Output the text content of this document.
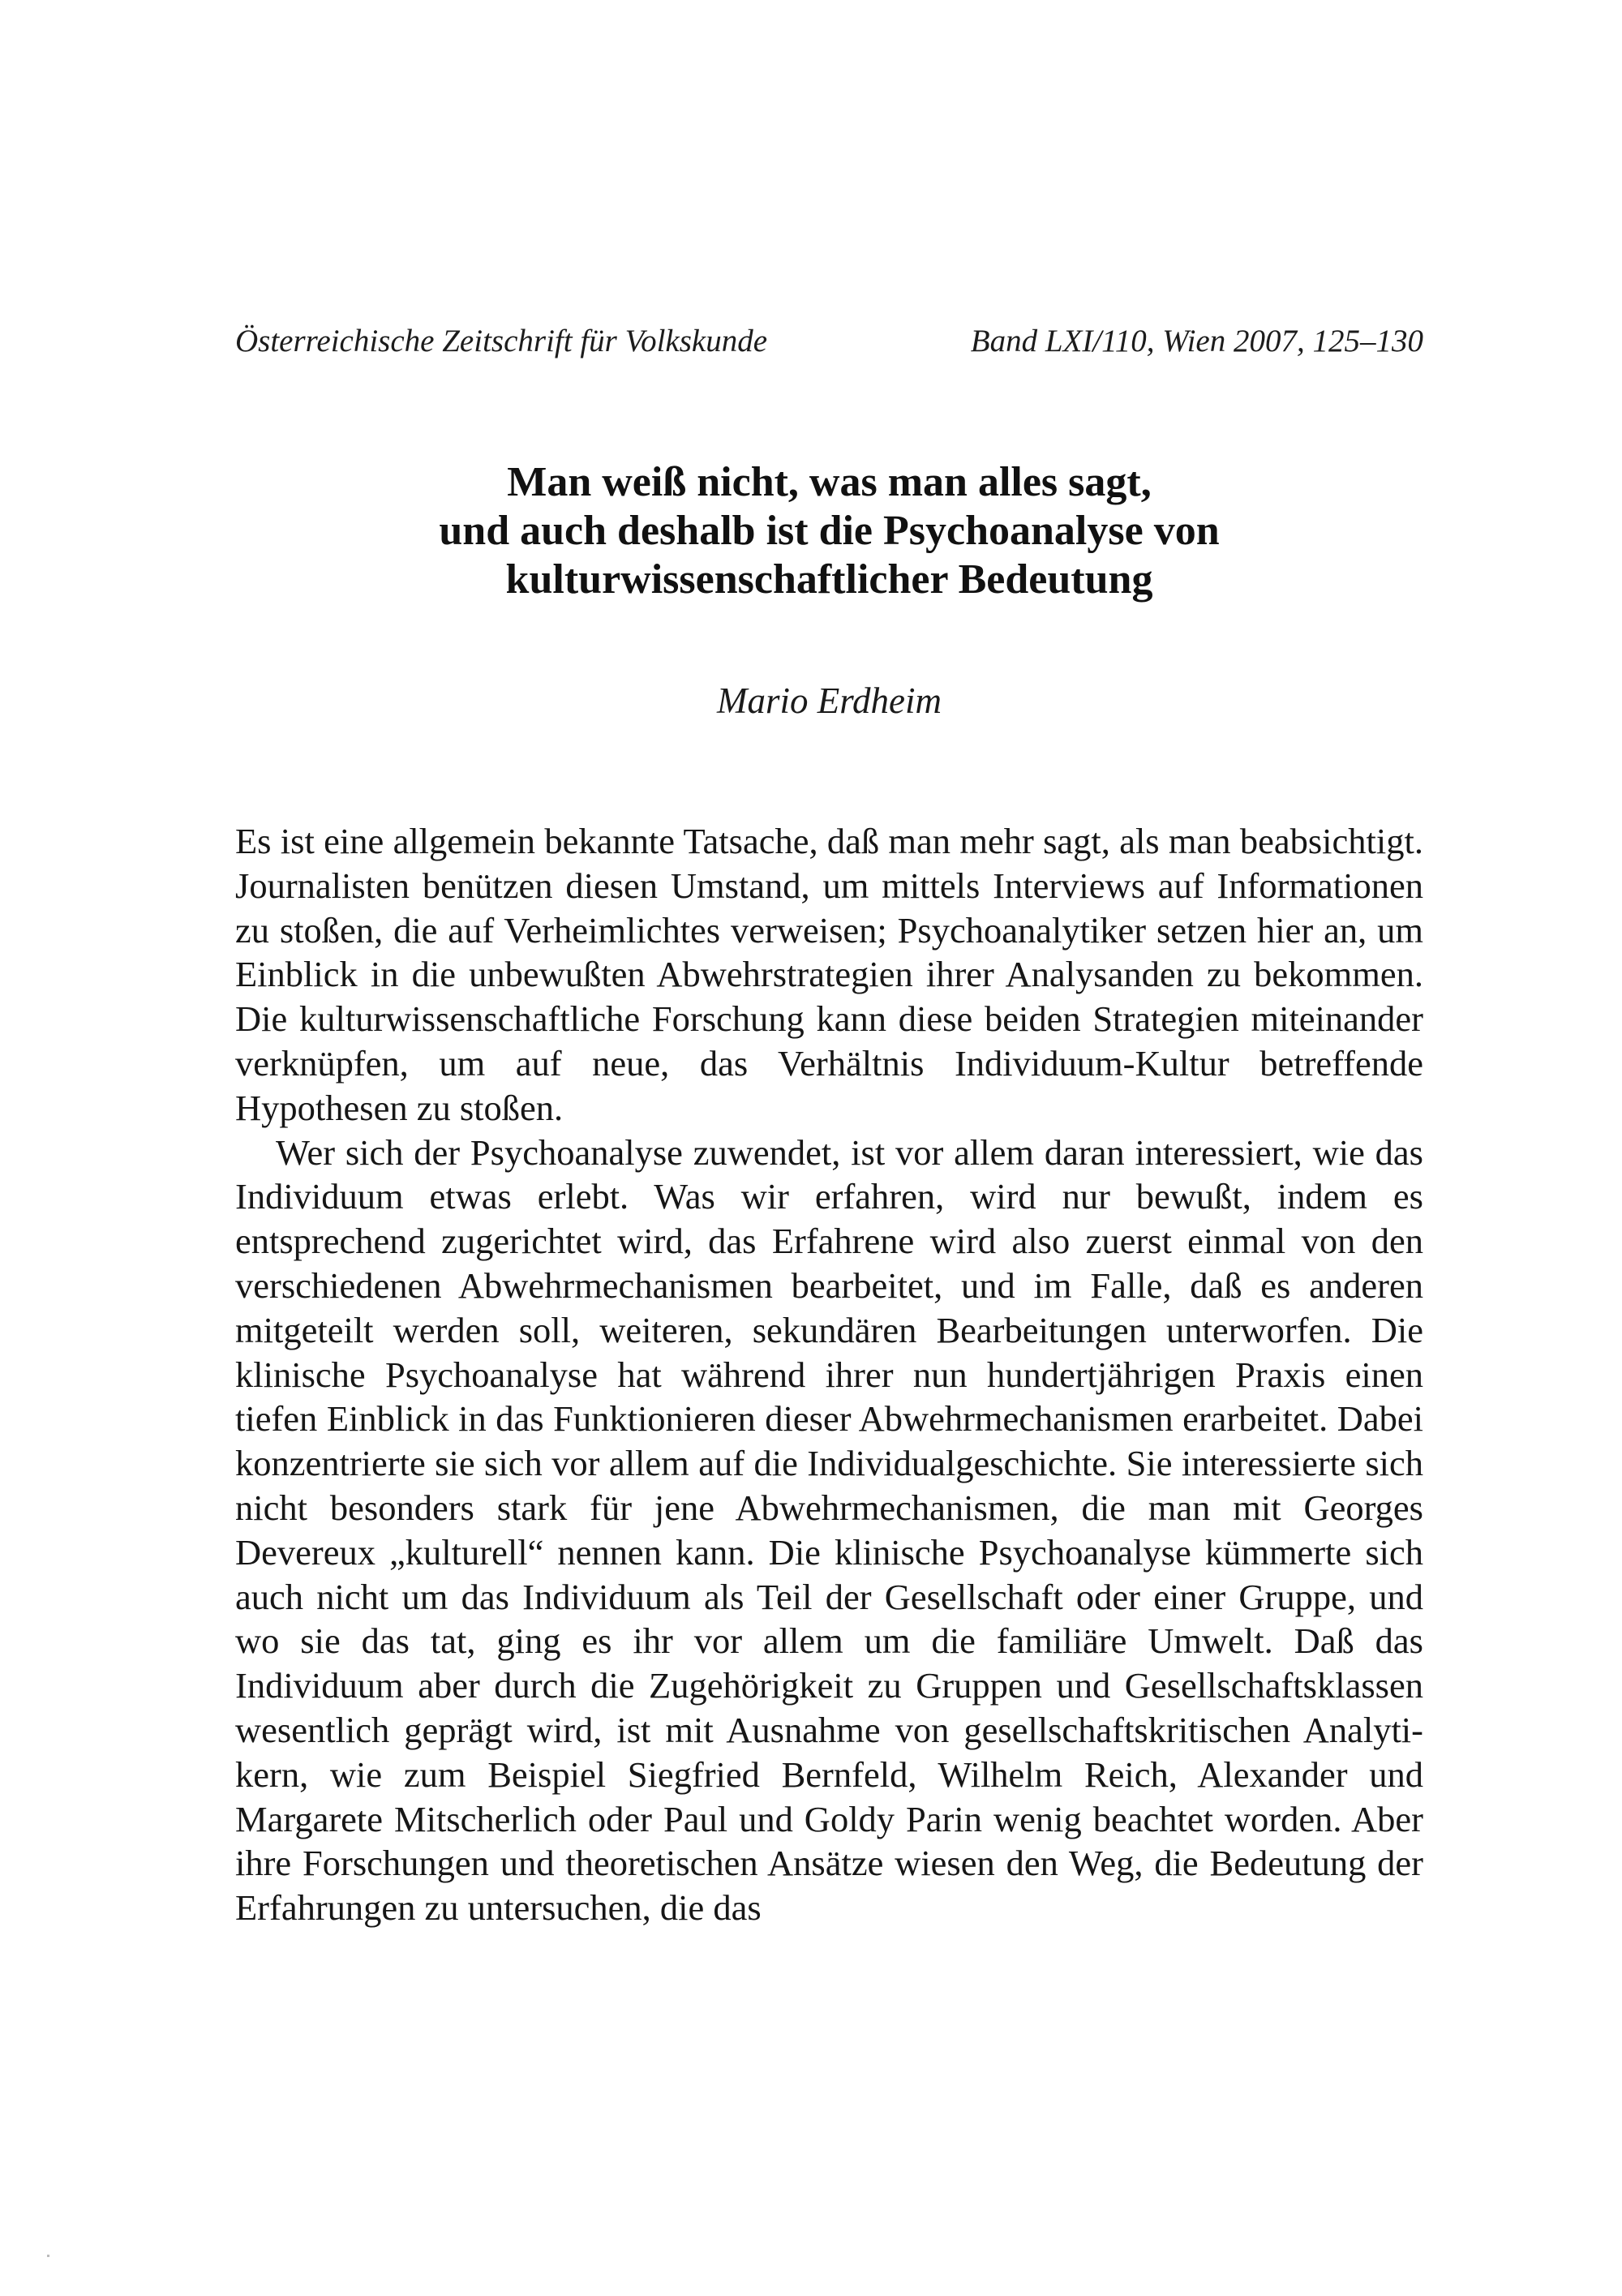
Österreichische Zeitschrift für Volkskunde	Band LXI/110, Wien 2007, 125–130
Man weiß nicht, was man alles sagt,
und auch deshalb ist die Psychoanalyse von
kulturwissenschaftlicher Bedeutung
Mario Erdheim

Es ist eine allgemein bekannte Tatsache, daß man mehr sagt, als man beabsichtigt. Journalisten benützen diesen Umstand, um mittels Interviews auf Informationen zu stoßen, die auf Verheimlichtes verweisen; Psychoanalytiker setzen hier an, um Einblick in die unbewußten Abwehrstrategien ihrer Analysanden zu bekommen. Die kulturwissenschaftliche Forschung kann diese beiden Strategien miteinander verknüpfen, um auf neue, das Verhältnis Individuum-Kultur betreffende Hypothesen zu stoßen.

Wer sich der Psychoanalyse zuwendet, ist vor allem daran interessiert, wie das Individuum etwas erlebt. Was wir erfahren, wird nur bewußt, indem es entsprechend zugerichtet wird, das Erfahrene wird also zuerst einmal von den verschiedenen Abwehrmechanismen bearbeitet, und im Falle, daß es anderen mitgeteilt werden soll, weiteren, sekundären Bearbeitungen unterworfen. Die klinische Psychoanalyse hat während ihrer nun hundertjährigen Praxis einen tiefen Einblick in das Funktionieren dieser Abwehrmechanismen erarbeitet. Dabei konzentrierte sie sich vor allem auf die Individualgeschichte. Sie interessierte sich nicht besonders stark für jene Abwehrmechanismen, die man mit Georges Devereux „kulturell“ nennen kann. Die klinische Psychoanalyse kümmerte sich auch nicht um das Individuum als Teil der Gesellschaft oder einer Gruppe, und wo sie das tat, ging es ihr vor allem um die familiäre Umwelt. Daß das Individuum aber durch die Zugehörigkeit zu Gruppen und Gesellschaftsklassen wesentlich geprägt wird, ist mit Ausnahme von gesellschaftskritischen Analytikern, wie zum Beispiel Siegfried Bernfeld, Wilhelm Reich, Alexander und Margarete Mitscherlich oder Paul und Goldy Parin wenig beachtet worden. Aber ihre Forschungen und theoretischen Ansätze wiesen den Weg, die Bedeutung der Erfahrungen zu untersuchen, die das
